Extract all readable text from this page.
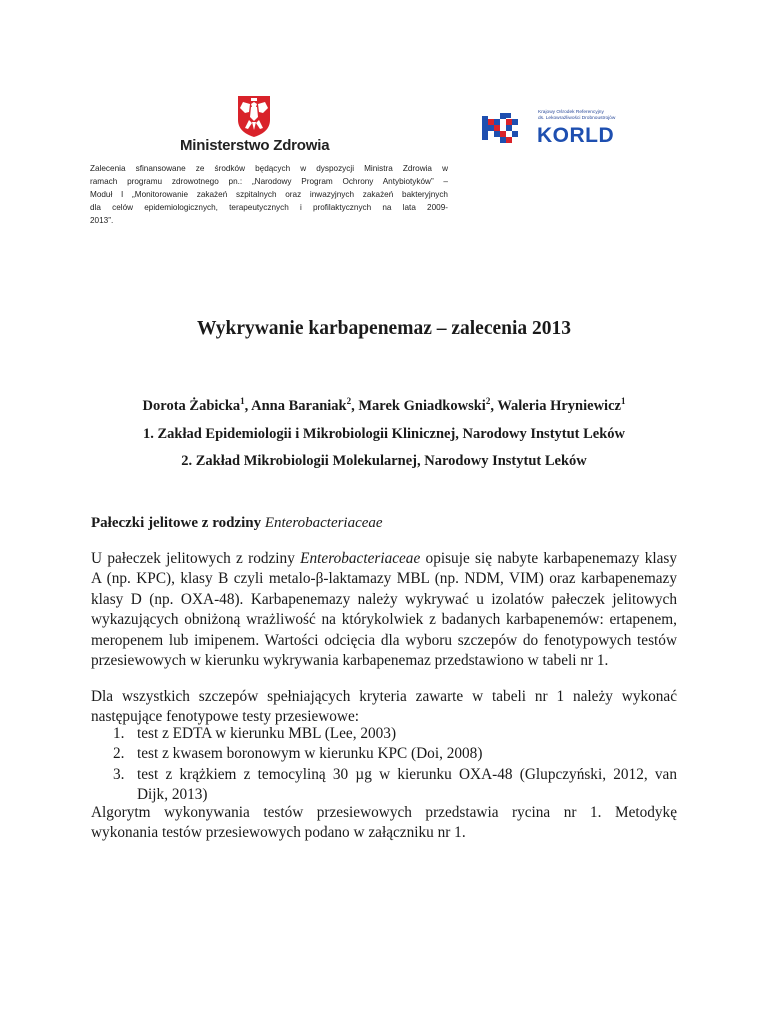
Ministerstwo Zdrowia
Zalecenia sfinansowane ze środków będących w dyspozycji Ministra Zdrowia w
ramach programu zdrowotnego pn.: „Narodowy Program Ochrony Antybiotyków” –
Moduł I „Monitorowanie zakażeń szpitalnych oraz inwazyjnych zakażeń bakteryjnych
dla celów epidemiologicznych, terapeutycznych i profilaktycznych na lata 2009-
2013”.
Krajowy Ośrodek Referencyjny
ds. Lekowrażliwości Drobnoustrojów
KORLD
Wykrywanie karbapenemaz – zalecenia 2013
Dorota Żabicka$^1$, Anna Baraniak$^2$, Marek Gniadkowski$^2$, Waleria Hryniewicz$^1$
1. Zakład Epidemiologii i Mikrobiologii Klinicznej, Narodowy Instytut Leków
2. Zakład Mikrobiologii Molekularnej, Narodowy Instytut Leków
Pałeczki jelitowe z rodziny Enterobacteriaceae
U pałeczek jelitowych z rodziny Enterobacteriaceae opisuje się nabyte karbapenemazy klasy
A (np. KPC), klasy B czyli metalo-β-laktamazy MBL (np. NDM, VIM) oraz karbapenemazy
klasy D (np. OXA-48). Karbapenemazy należy wykrywać u izolatów pałeczek jelitowych
wykazujących obniżoną wrażliwość na którykolwiek z badanych karbapenemów: ertapenem,
meropenem lub imipenem. Wartości odcięcia dla wyboru szczepów do fenotypowych testów
przesiewowych w kierunku wykrywania karbapenemaz przedstawiono w tabeli nr 1.
Dla wszystkich szczepów spełniających kryteria zawarte w tabeli nr 1 należy wykonać
następujące fenotypowe testy przesiewowe:
1. test z EDTA w kierunku MBL (Lee, 2003)
2. test z kwasem boronowym w kierunku KPC (Doi, 2008)
3. test z krążkiem z temocyliną 30 µg w kierunku OXA-48 (Glupczyński, 2012, van
Dijk, 2013)
Algorytm wykonywania testów przesiewowych przedstawia rycina nr 1. Metodykę
wykonania testów przesiewowych podano w załączniku nr 1.
